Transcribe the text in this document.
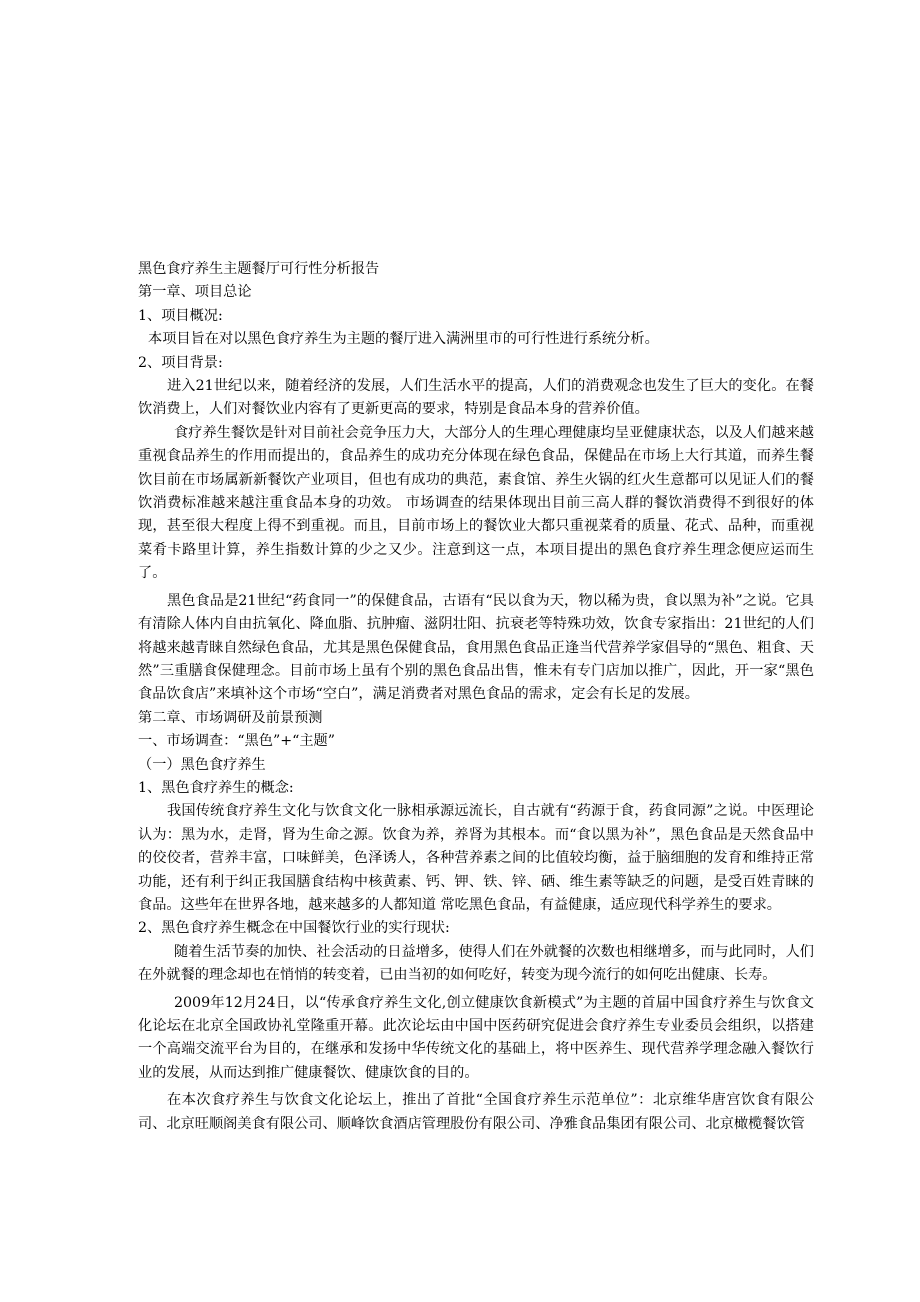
黑色食疗养生主题餐厅可行性分析报告

第一章、项目总论

1、项目概况:

本项目旨在对以黑色食疗养生为主题的餐厅进入满洲里市的可行性进行系统分析。

2、项目背景:

进入21世纪以来，随着经济的发展，人们生活水平的提高，人们的消费观念也发生了巨大的变化。在餐饮消费上，人们对餐饮业内容有了更新更高的要求，特别是食品本身的营养价值。

食疗养生餐饮是针对目前社会竞争压力大，大部分人的生理心理健康均呈亚健康状态，以及人们越来越重视食品养生的作用而提出的，食品养生的成功充分体现在绿色食品，保健品在市场上大行其道，而养生餐饮目前在市场属新新餐饮产业项目，但也有成功的典范，素食馆、养生火锅的红火生意都可以见证人们的餐饮消费标准越来越注重食品本身的功效。 市场调查的结果体现出目前三高人群的餐饮消费得不到很好的体现，甚至很大程度上得不到重视。而且，目前市场上的餐饮业大都只重视菜肴的质量、花式、品种，而重视菜肴卡路里计算，养生指数计算的少之又少。注意到这一点，本项目提出的黑色食疗养生理念便应运而生了。

黑色食品是21世纪“药食同一”的保健食品，古语有“民以食为天，物以稀为贵，食以黑为补”之说。它具有清除人体内自由抗氧化、降血脂、抗肿瘤、滋阴壮阳、抗衰老等特殊功效，饮食专家指出：21世纪的人们将越来越青睐自然绿色食品，尤其是黑色保健食品，食用黑色食品正逢当代营养学家倡导的“黑色、粗食、天然”三重膳食保健理念。目前市场上虽有个别的黑色食品出售，惟未有专门店加以推广，因此，开一家“黑色食品饮食店”来填补这个市场“空白”，满足消费者对黑色食品的需求，定会有长足的发展。

第二章、市场调研及前景预测

一、市场调查：“黑色”+“主题”

（一）黑色食疗养生

1、黑色食疗养生的概念:

我国传统食疗养生文化与饮食文化一脉相承源远流长，自古就有“药源于食，药食同源”之说。中医理论认为：黑为水，走肾，肾为生命之源。饮食为养，养肾为其根本。而“食以黑为补”，黑色食品是天然食品中的佼佼者，营养丰富，口味鲜美，色泽诱人，各种营养素之间的比值较均衡，益于脑细胞的发育和维持正常功能，还有利于纠正我国膳食结构中核黄素、钙、钾、铁、锌、硒、维生素等缺乏的问题，是受百姓青睐的食品。这些年在世界各地，越来越多的人都知道 常吃黑色食品，有益健康，适应现代科学养生的要求。

2、黑色食疗养生概念在中国餐饮行业的实行现状:

随着生活节奏的加快、社会活动的日益增多，使得人们在外就餐的次数也相继增多，而与此同时，人们在外就餐的理念却也在悄悄的转变着，已由当初的如何吃好，转变为现今流行的如何吃出健康、长寿。

2009年12月24日，以“传承食疗养生文化,创立健康饮食新模式”为主题的首届中国食疗养生与饮食文化论坛在北京全国政协礼堂隆重开幕。此次论坛由中国中医药研究促进会食疗养生专业委员会组织，以搭建一个高端交流平台为目的，在继承和发扬中华传统文化的基础上，将中医养生、现代营养学理念融入餐饮行业的发展，从而达到推广健康餐饮、健康饮食的目的。

在本次食疗养生与饮食文化论坛上，推出了首批“全国食疗养生示范单位”：北京维华唐宫饮食有限公司、北京旺顺阁美食有限公司、顺峰饮食酒店管理股份有限公司、净雅食品集团有限公司、北京橄榄餐饮管
